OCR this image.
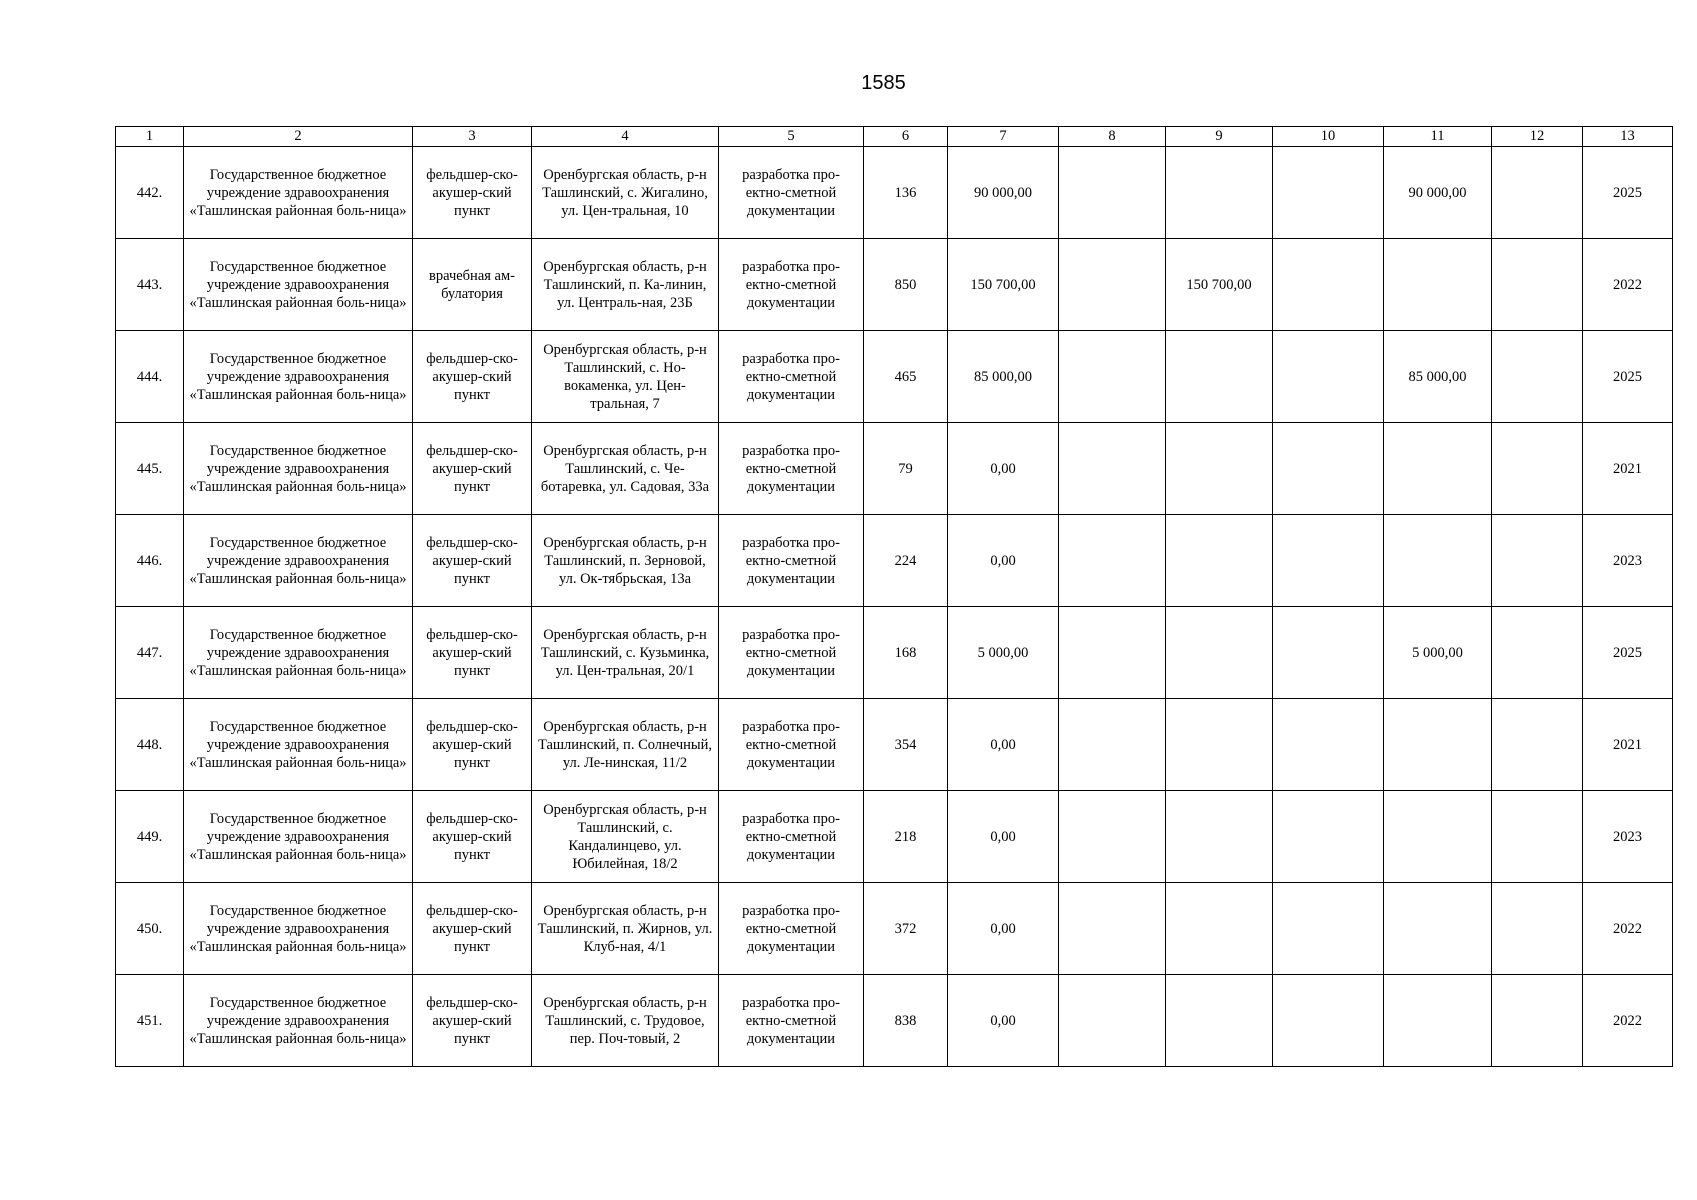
1585
1	2	3	4	5	6	7	8	9	10	11	12	13
442.	Государственное бюджетное учреждение здравоохранения «Ташлинская районная боль-ница»	фельдшер-ско-акушер-ский пункт	Оренбургская область, р-н Ташлинский, с. Жигалино, ул. Цен-тральная, 10	разработка про-ектно-сметной документации	136	90 000,00				90 000,00		2025
443.	Государственное бюджетное учреждение здравоохранения «Ташлинская районная боль-ница»	врачебная ам-булатория	Оренбургская область, р-н Ташлинский, п. Ка-линин, ул. Централь-ная, 23Б	разработка про-ектно-сметной документации	850	150 700,00		150 700,00				2022
444.	Государственное бюджетное учреждение здравоохранения «Ташлинская районная боль-ница»	фельдшер-ско-акушер-ский пункт	Оренбургская область, р-н Ташлинский, с. Но-вокаменка, ул. Цен-тральная, 7	разработка про-ектно-сметной документации	465	85 000,00				85 000,00		2025
445.	Государственное бюджетное учреждение здравоохранения «Ташлинская районная боль-ница»	фельдшер-ско-акушер-ский пункт	Оренбургская область, р-н Ташлинский, с. Че-ботаревка, ул. Садовая, 33а	разработка про-ектно-сметной документации	79	0,00						2021
446.	Государственное бюджетное учреждение здравоохранения «Ташлинская районная боль-ница»	фельдшер-ско-акушер-ский пункт	Оренбургская область, р-н Ташлинский, п. Зерновой, ул. Ок-тябрьская, 13а	разработка про-ектно-сметной документации	224	0,00						2023
447.	Государственное бюджетное учреждение здравоохранения «Ташлинская районная боль-ница»	фельдшер-ско-акушер-ский пункт	Оренбургская область, р-н Ташлинский, с. Кузьминка, ул. Цен-тральная, 20/1	разработка про-ектно-сметной документации	168	5 000,00				5 000,00		2025
448.	Государственное бюджетное учреждение здравоохранения «Ташлинская районная боль-ница»	фельдшер-ско-акушер-ский пункт	Оренбургская область, р-н Ташлинский, п. Солнечный, ул. Ле-нинская, 11/2	разработка про-ектно-сметной документации	354	0,00						2021
449.	Государственное бюджетное учреждение здравоохранения «Ташлинская районная боль-ница»	фельдшер-ско-акушер-ский пункт	Оренбургская область, р-н Ташлинский, с. Кандалинцево, ул. Юбилейная, 18/2	разработка про-ектно-сметной документации	218	0,00						2023
450.	Государственное бюджетное учреждение здравоохранения «Ташлинская районная боль-ница»	фельдшер-ско-акушер-ский пункт	Оренбургская область, р-н Ташлинский, п. Жирнов, ул. Клуб-ная, 4/1	разработка про-ектно-сметной документации	372	0,00						2022
451.	Государственное бюджетное учреждение здравоохранения «Ташлинская районная боль-ница»	фельдшер-ско-акушер-ский пункт	Оренбургская область, р-н Ташлинский, с. Трудовое, пер. Поч-товый, 2	разработка про-ектно-сметной документации	838	0,00						2022
